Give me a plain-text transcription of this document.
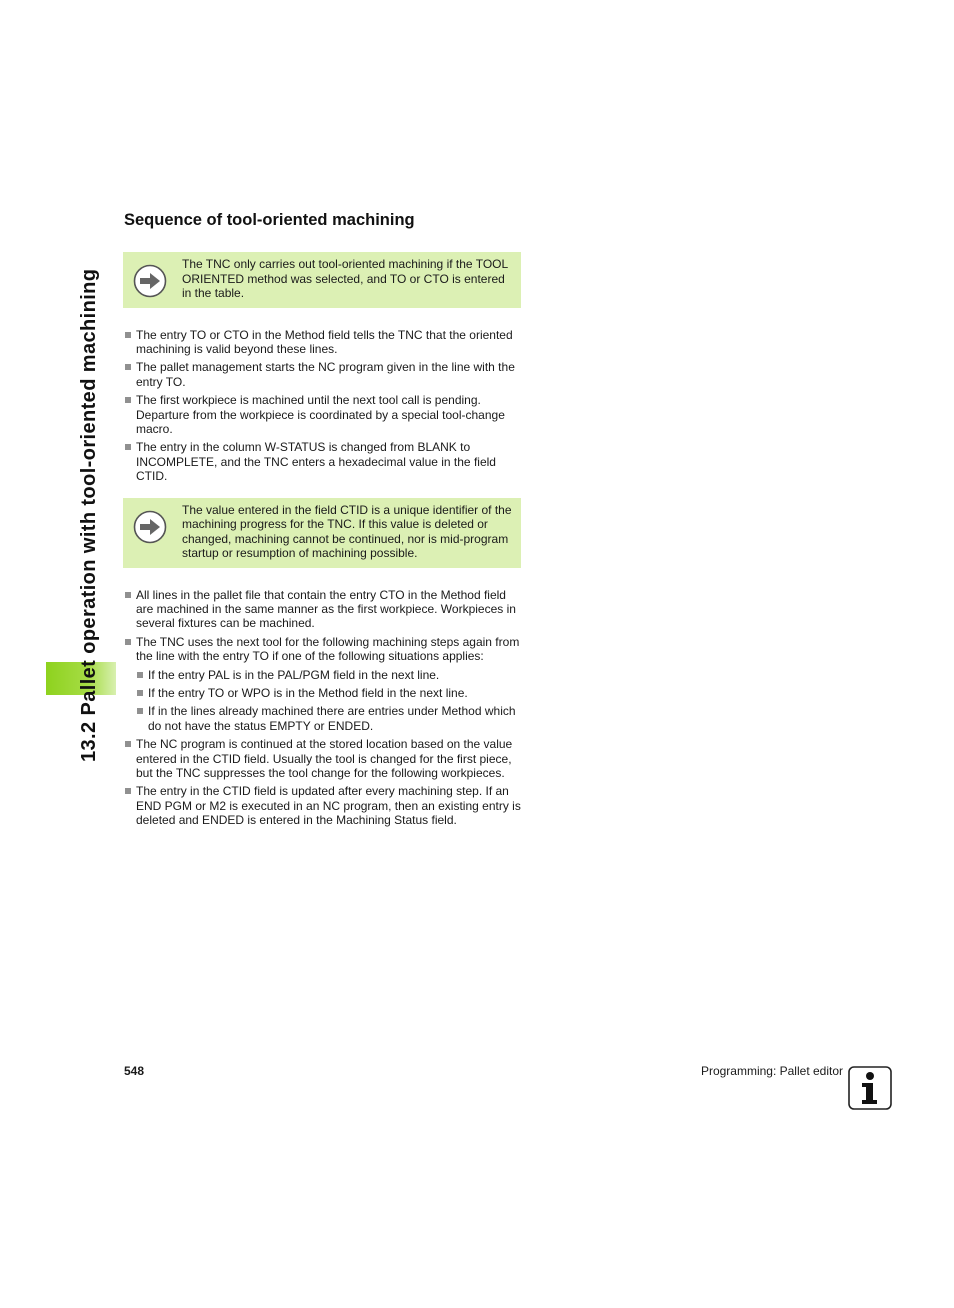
13.2 Pallet operation with tool-oriented machining
Sequence of tool-oriented machining
The TNC only carries out tool-oriented machining if the TOOL ORIENTED method was selected, and TO or CTO is entered in the table.
The entry TO or CTO in the Method field tells the TNC that the oriented machining is valid beyond these lines.
The pallet management starts the NC program given in the line with the entry TO.
The first workpiece is machined until the next tool call is pending. Departure from the workpiece is coordinated by a special tool-change macro.
The entry in the column W-STATUS is changed from BLANK to INCOMPLETE, and the TNC enters a hexadecimal value in the field CTID.
The value entered in the field CTID is a unique identifier of the machining progress for the TNC. If this value is deleted or changed, machining cannot be continued, nor is mid-program startup or resumption of machining possible.
All lines in the pallet file that contain the entry CTO in the Method field are machined in the same manner as the first workpiece. Workpieces in several fixtures can be machined.
The TNC uses the next tool for the following machining steps again from the line with the entry TO if one of the following situations applies:
If the entry PAL is in the PAL/PGM field in the next line.
If the entry TO or WPO is in the Method field in the next line.
If in the lines already machined there are entries under Method which do not have the status EMPTY or ENDED.
The NC program is continued at the stored location based on the value entered in the CTID field. Usually the tool is changed for the first piece, but the TNC suppresses the tool change for the following workpieces.
The entry in the CTID field is updated after every machining step. If an END PGM or M2 is executed in an NC program, then an existing entry is deleted and ENDED is entered in the Machining Status field.
548	Programming: Pallet editor
